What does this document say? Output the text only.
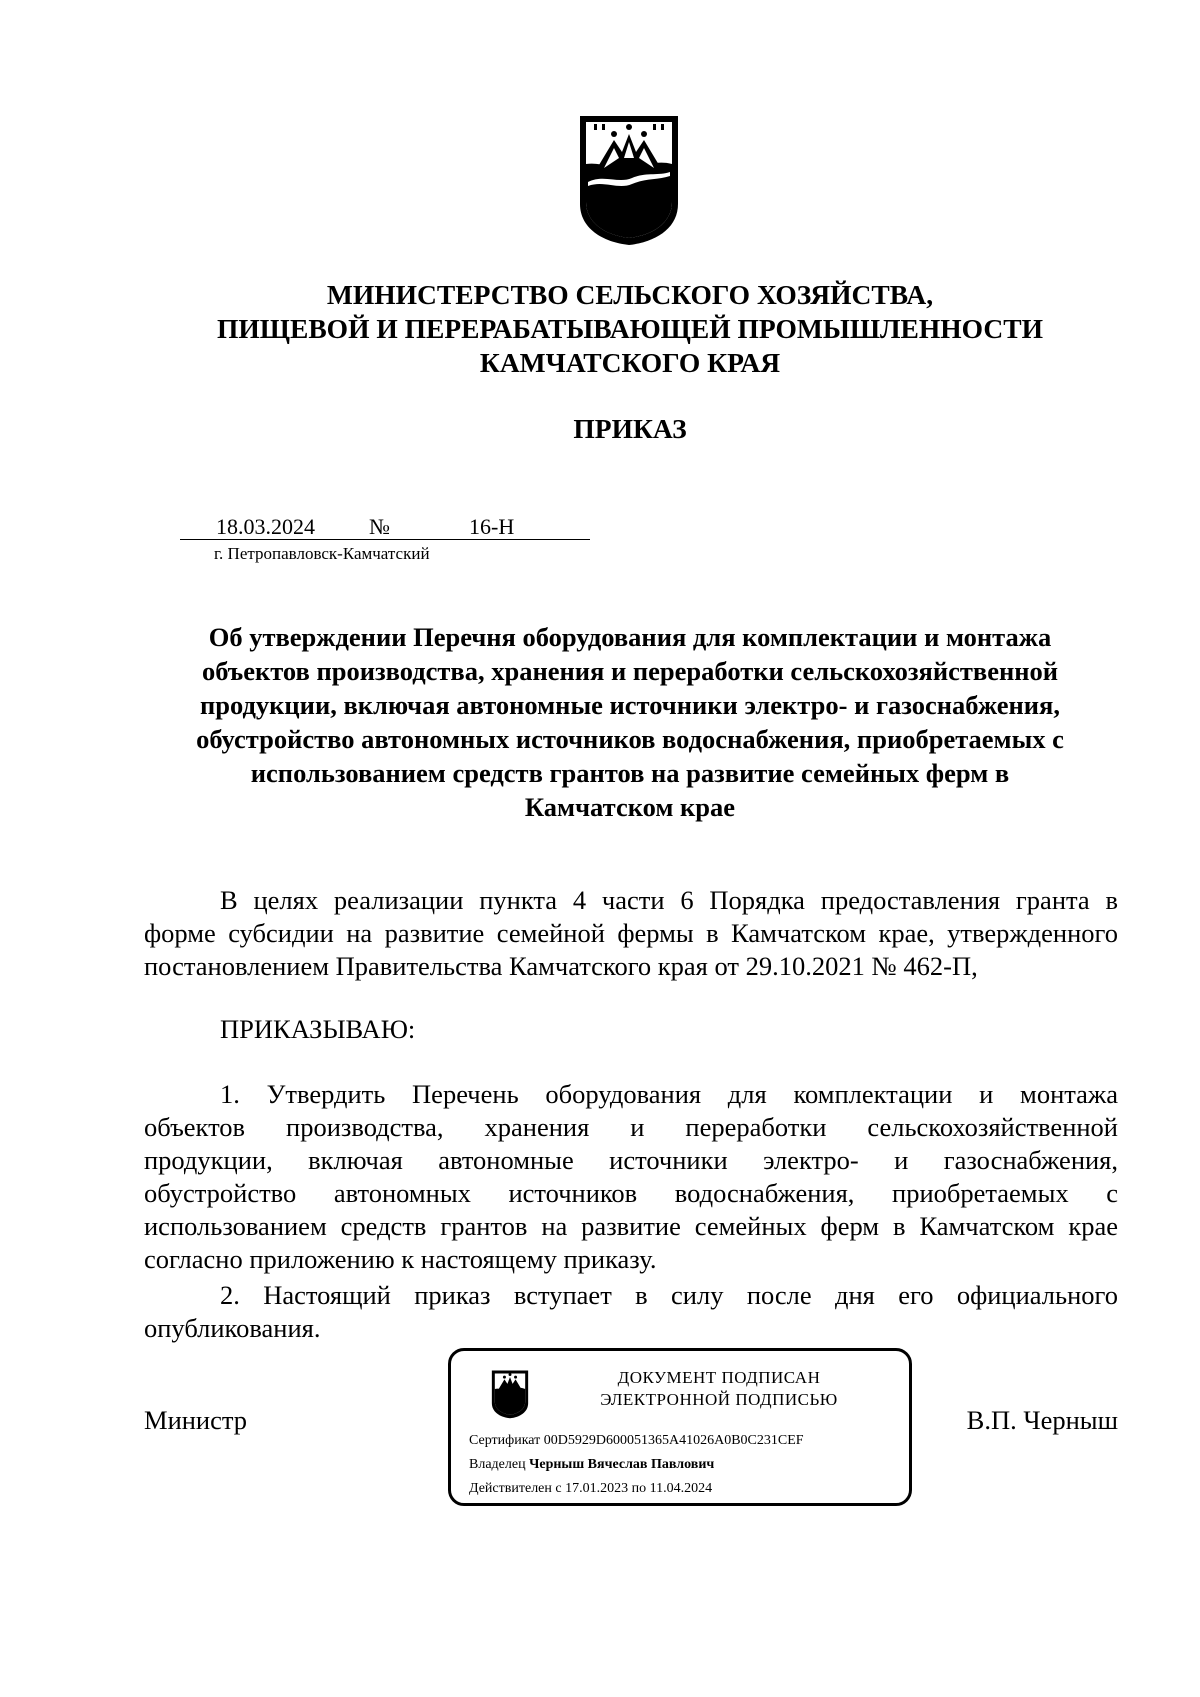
МИНИСТЕРСТВО СЕЛЬСКОГО ХОЗЯЙСТВА,
ПИЩЕВОЙ И ПЕРЕРАБАТЫВАЮЩЕЙ ПРОМЫШЛЕННОСТИ
КАМЧАТСКОГО КРАЯ
ПРИКАЗ
18.03.2024 №	16-Н
г. Петропавловск-Камчатский
Об утверждении Перечня оборудования для комплектации и монтажа
объектов производства, хранения и переработки сельскохозяйственной
продукции, включая автономные источники электро- и газоснабжения,
обустройство автономных источников водоснабжения, приобретаемых с
использованием средств грантов на развитие семейных ферм в
Камчатском крае
В целях реализации пункта 4 части 6 Порядка предоставления гранта в
форме субсидии на развитие семейной фермы в Камчатском крае, утвержденного
постановлением Правительства Камчатского края от 29.10.2021 № 462-П,
ПРИКАЗЫВАЮ:
1. Утвердить Перечень оборудования для комплектации и монтажа
объектов производства, хранения и переработки сельскохозяйственной
продукции, включая автономные источники электро- и газоснабжения,
обустройство автономных источников водоснабжения, приобретаемых с
использованием средств грантов на развитие семейных ферм в Камчатском крае
согласно приложению к настоящему приказу.
2. Настоящий приказ вступает в силу после дня его официального
опубликования.
Министр	В.П. Черныш
ДОКУМЕНТ ПОДПИСАН
ЭЛЕКТРОННОЙ ПОДПИСЬЮ
Сертификат 00D5929D600051365A41026A0B0C231CEF
Владелец Черныш Вячеслав Павлович
Действителен с 17.01.2023 по 11.04.2024
